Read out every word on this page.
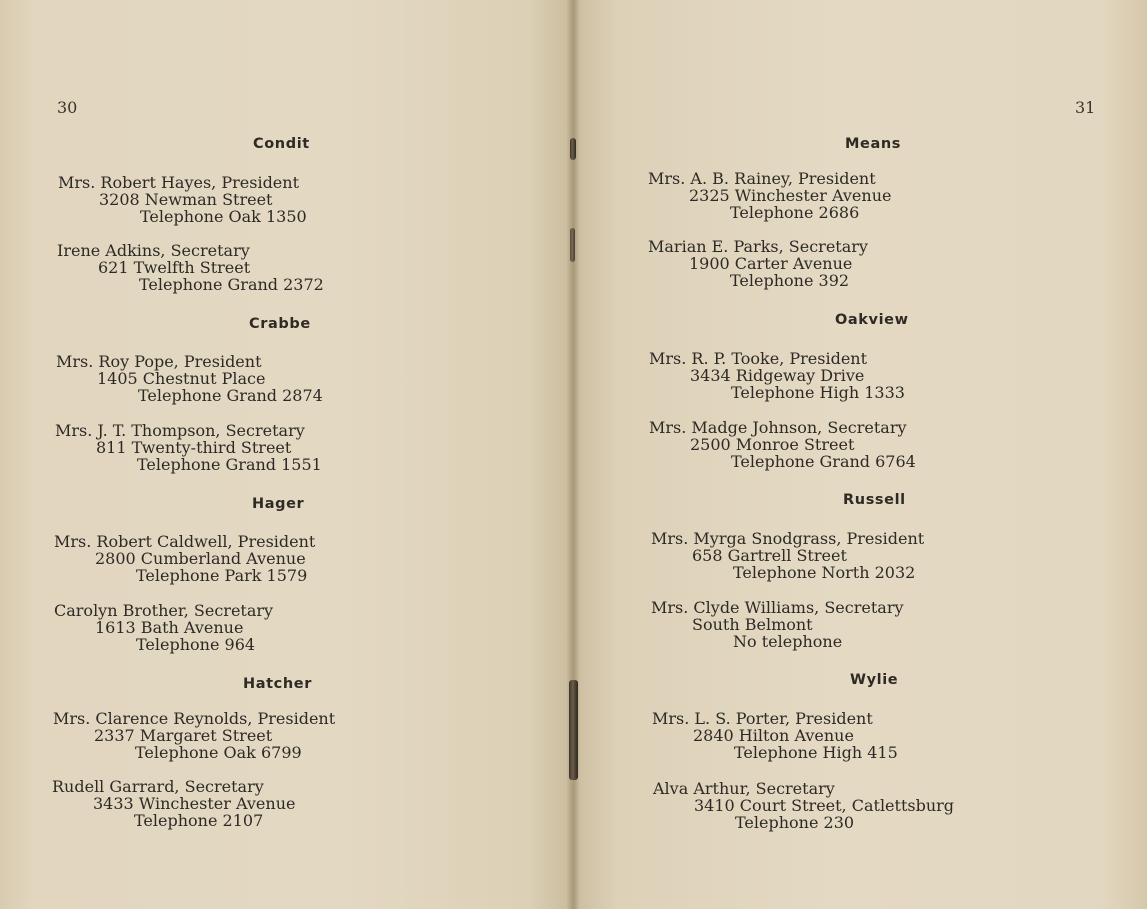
30
Condit
Mrs. Robert Hayes, President
3208 Newman Street
Telephone Oak 1350
Irene Adkins, Secretary
621 Twelfth Street
Telephone Grand 2372
Crabbe
Mrs. Roy Pope, President
1405 Chestnut Place
Telephone Grand 2874
Mrs. J. T. Thompson, Secretary
811 Twenty-third Street
Telephone Grand 1551
Hager
Mrs. Robert Caldwell, President
2800 Cumberland Avenue
Telephone Park 1579
Carolyn Brother, Secretary
1613 Bath Avenue
Telephone 964
Hatcher
Mrs. Clarence Reynolds, President
2337 Margaret Street
Telephone Oak 6799
Rudell Garrard, Secretary
3433 Winchester Avenue
Telephone 2107
31
Means
Mrs. A. B. Rainey, President
2325 Winchester Avenue
Telephone 2686
Marian E. Parks, Secretary
1900 Carter Avenue
Telephone 392
Oakview
Mrs. R. P. Tooke, President
3434 Ridgeway Drive
Telephone High 1333
Mrs. Madge Johnson, Secretary
2500 Monroe Street
Telephone Grand 6764
Russell
Mrs. Myrga Snodgrass, President
658 Gartrell Street
Telephone North 2032
Mrs. Clyde Williams, Secretary
South Belmont
No telephone
Wylie
Mrs. L. S. Porter, President
2840 Hilton Avenue
Telephone High 415
Alva Arthur, Secretary
3410 Court Street, Catlettsburg
Telephone 230
